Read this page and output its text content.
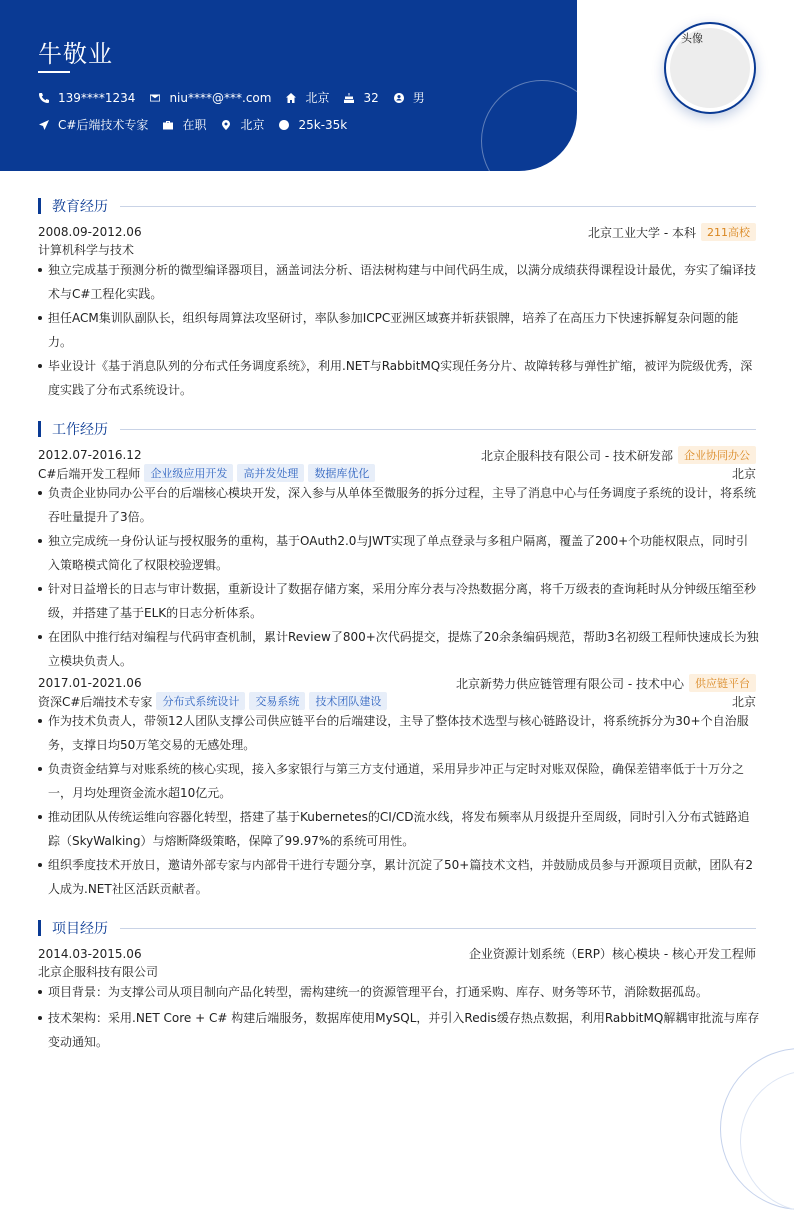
牛敬业
139****1234	niu****@***.com	北京	32	男
C#后端技术专家	在职	北京	25k-35k
头像
教育经历
2008.09-2012.06	北京工业大学 - 本科	211高校
计算机科学与技术
独立完成基于预测分析的微型编译器项目，涵盖词法分析、语法树构建与中间代码生成，以满分成绩获得课程设计最优，夯实了编译技术与C#工程化实践。
担任ACM集训队副队长，组织每周算法攻坚研讨，率队参加ICPC亚洲区域赛并斩获银牌，培养了在高压力下快速拆解复杂问题的能力。
毕业设计《基于消息队列的分布式任务调度系统》，利用.NET与RabbitMQ实现任务分片、故障转移与弹性扩缩，被评为院级优秀，深度实践了分布式系统设计。
工作经历
2012.07-2016.12	北京企服科技有限公司 - 技术研发部	企业协同办公
C#后端开发工程师 企业级应用开发	高并发处理	数据库优化	北京
负责企业协同办公平台的后端核心模块开发，深入参与从单体至微服务的拆分过程，主导了消息中心与任务调度子系统的设计，将系统吞吐量提升了3倍。
独立完成统一身份认证与授权服务的重构，基于OAuth2.0与JWT实现了单点登录与多租户隔离，覆盖了200+个功能权限点，同时引入策略模式简化了权限校验逻辑。
针对日益增长的日志与审计数据，重新设计了数据存储方案，采用分库分表与冷热数据分离，将千万级表的查询耗时从分钟级压缩至秒级，并搭建了基于ELK的日志分析体系。
在团队中推行结对编程与代码审查机制，累计Review了800+次代码提交，提炼了20余条编码规范，帮助3名初级工程师快速成长为独立模块负责人。
2017.01-2021.06	北京新势力供应链管理有限公司 - 技术中心	供应链平台
资深C#后端技术专家 分布式系统设计	交易系统	技术团队建设	北京
作为技术负责人，带领12人团队支撑公司供应链平台的后端建设，主导了整体技术选型与核心链路设计，将系统拆分为30+个自治服务，支撑日均50万笔交易的无感处理。
负责资金结算与对账系统的核心实现，接入多家银行与第三方支付通道，采用异步冲正与定时对账双保险，确保差错率低于十万分之一，月均处理资金流水超10亿元。
推动团队从传统运维向容器化转型，搭建了基于Kubernetes的CI/CD流水线，将发布频率从月级提升至周级，同时引入分布式链路追踪（SkyWalking）与熔断降级策略，保障了99.97%的系统可用性。
组织季度技术开放日，邀请外部专家与内部骨干进行专题分享，累计沉淀了50+篇技术文档，并鼓励成员参与开源项目贡献，团队有2人成为.NET社区活跃贡献者。
项目经历
2014.03-2015.06	企业资源计划系统（ERP）核心模块 - 核心开发工程师
北京企服科技有限公司
项目背景：为支撑公司从项目制向产品化转型，需构建统一的资源管理平台，打通采购、库存、财务等环节，消除数据孤岛。
技术架构：采用.NET Core + C# 构建后端服务，数据库使用MySQL，并引入Redis缓存热点数据，利用RabbitMQ解耦审批流与库存变动通知。
